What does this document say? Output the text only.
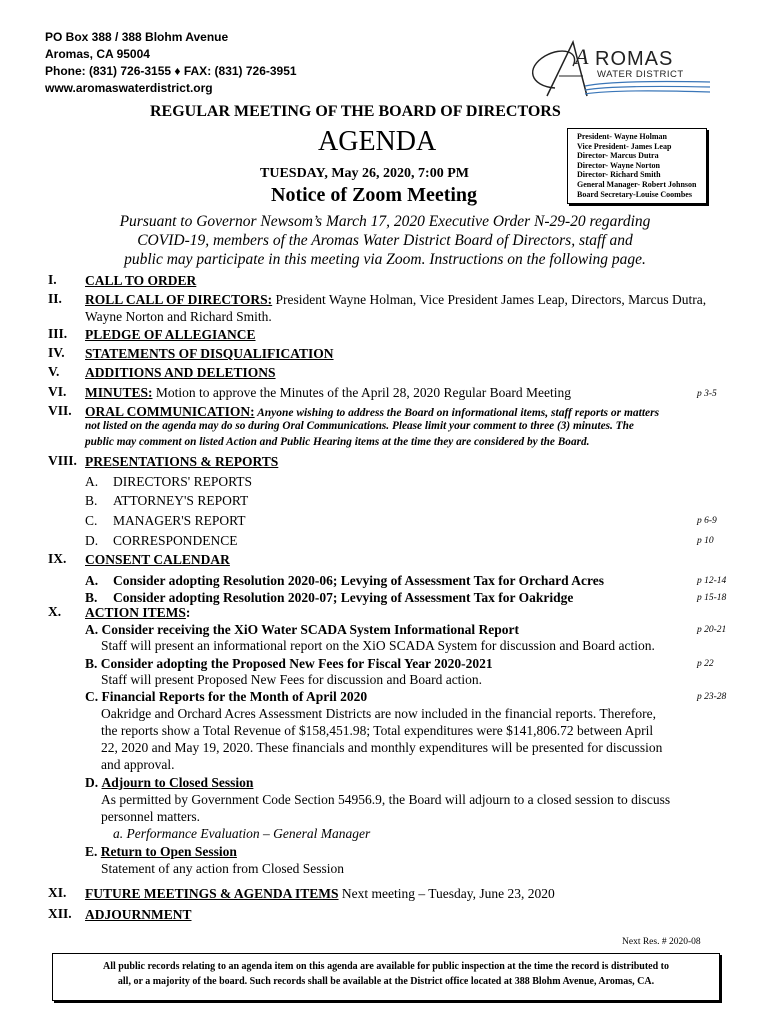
PO Box 388 / 388 Blohm Avenue
Aromas, CA 95004
Phone: (831) 726-3155 ♦ FAX: (831) 726-3951
www.aromaswaterdistrict.org
A ROMAS
WATER DISTRICT
REGULAR MEETING OF THE BOARD OF DIRECTORS
AGENDA
TUESDAY, May 26, 2020, 7:00 PM
Notice of Zoom Meeting
President- Wayne Holman
Vice President- James Leap
Director- Marcus Dutra
Director- Wayne Norton
Director- Richard Smith
General Manager- Robert Johnson
Board Secretary-Louise Coombes
Pursuant to Governor Newsom’s March 17, 2020 Executive Order N-29-20 regarding
COVID-19, members of the Aromas Water District Board of Directors, staff and
public may participate in this meeting via Zoom. Instructions on the following page.
I. CALL TO ORDER
II. ROLL CALL OF DIRECTORS: President Wayne Holman, Vice President James Leap, Directors, Marcus Dutra,
Wayne Norton and Richard Smith.
III. PLEDGE OF ALLEGIANCE
IV. STATEMENTS OF DISQUALIFICATION
V. ADDITIONS AND DELETIONS
VI. MINUTES: Motion to approve the Minutes of the April 28, 2020 Regular Board Meeting	p 3-5
VII. ORAL COMMUNICATION: Anyone wishing to address the Board on informational items, staff reports or matters
not listed on the agenda may do so during Oral Communications. Please limit your comment to three (3) minutes. The
public may comment on listed Action and Public Hearing items at the time they are considered by the Board.
VIII. PRESENTATIONS & REPORTS
A. DIRECTORS' REPORTS
B. ATTORNEY'S REPORT
C. MANAGER'S REPORT	p 6-9
D. CORRESPONDENCE	p 10
IX. CONSENT CALENDAR
A. Consider adopting Resolution 2020-06; Levying of Assessment Tax for Orchard Acres	p 12-14
B. Consider adopting Resolution 2020-07; Levying of Assessment Tax for Oakridge	p 15-18
X. ACTION ITEMS:
A. Consider receiving the XiO Water SCADA System Informational Report	p 20-21
Staff will present an informational report on the XiO SCADA System for discussion and Board action.
B. Consider adopting the Proposed New Fees for Fiscal Year 2020-2021	p 22
Staff will present Proposed New Fees for discussion and Board action.
C. Financial Reports for the Month of April 2020	p 23-28
Oakridge and Orchard Acres Assessment Districts are now included in the financial reports. Therefore,
the reports show a Total Revenue of $158,451.98; Total expenditures were $141,806.72 between April
22, 2020 and May 19, 2020. These financials and monthly expenditures will be presented for discussion
and approval.
D. Adjourn to Closed Session
As permitted by Government Code Section 54956.9, the Board will adjourn to a closed session to discuss
personnel matters.
a. Performance Evaluation – General Manager
E. Return to Open Session
Statement of any action from Closed Session
XI. FUTURE MEETINGS & AGENDA ITEMS Next meeting – Tuesday, June 23, 2020
XII. ADJOURNMENT
Next Res. # 2020-08
All public records relating to an agenda item on this agenda are available for public inspection at the time the record is distributed to
all, or a majority of the board. Such records shall be available at the District office located at 388 Blohm Avenue, Aromas, CA.
